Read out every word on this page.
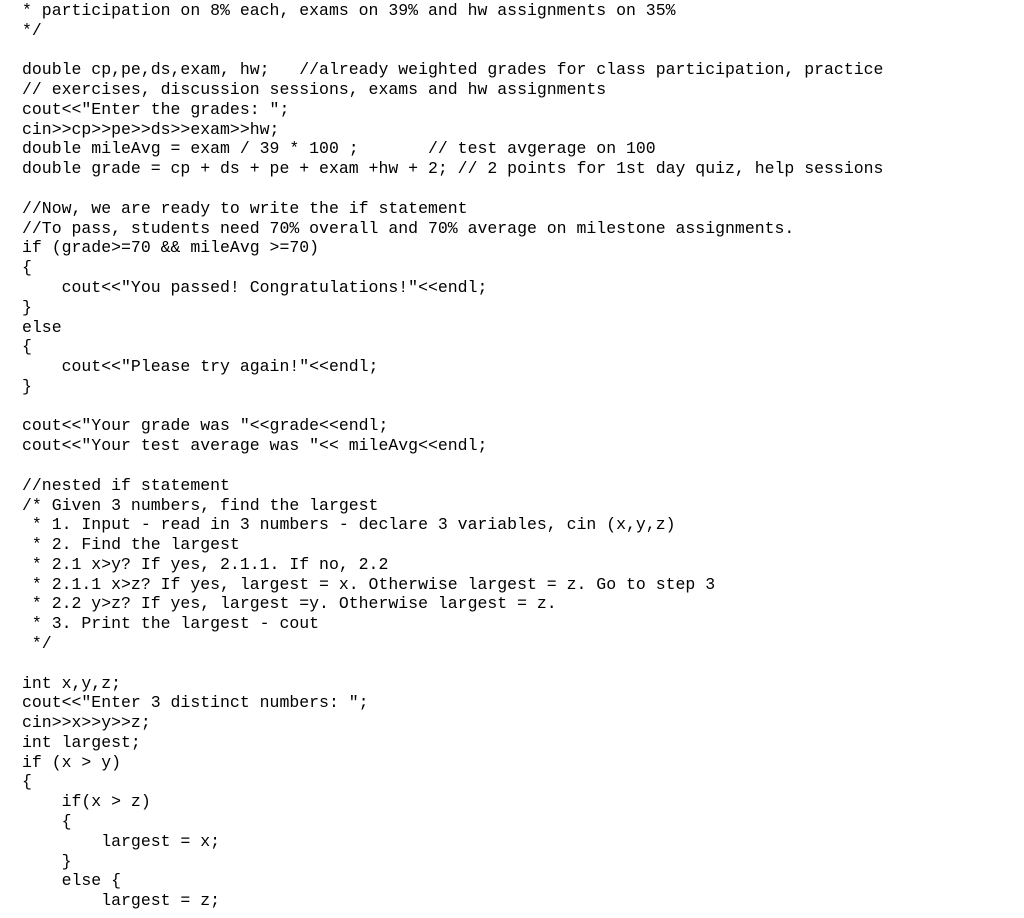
* participation on 8% each, exams on 39% and hw assignments on 35%
*/
double cp,pe,ds,exam, hw;   //already weighted grades for class participation, practice
// exercises, discussion sessions, exams and hw assignments
cout<<"Enter the grades: ";
cin>>cp>>pe>>ds>>exam>>hw;
double mileAvg = exam / 39 * 100 ;       // test avgerage on 100
double grade = cp + ds + pe + exam +hw + 2; // 2 points for 1st day quiz, help sessions
//Now, we are ready to write the if statement
//To pass, students need 70% overall and 70% average on milestone assignments.
if (grade>=70 && mileAvg >=70)
{
cout<<"You passed! Congratulations!"<<endl;
}
else
{
cout<<"Please try again!"<<endl;
}
cout<<"Your grade was "<<grade<<endl;
cout<<"Your test average was "<< mileAvg<<endl;
//nested if statement
/* Given 3 numbers, find the largest
* 1. Input - read in 3 numbers - declare 3 variables, cin (x,y,z)
* 2. Find the largest
* 2.1 x>y? If yes, 2.1.1. If no, 2.2
* 2.1.1 x>z? If yes, largest = x. Otherwise largest = z. Go to step 3
* 2.2 y>z? If yes, largest =y. Otherwise largest = z.
* 3. Print the largest - cout
*/
int x,y,z;
cout<<"Enter 3 distinct numbers: ";
cin>>x>>y>>z;
int largest;
if (x > y)
{
if(x > z)
{
largest = x;
}
else {
largest = z;
